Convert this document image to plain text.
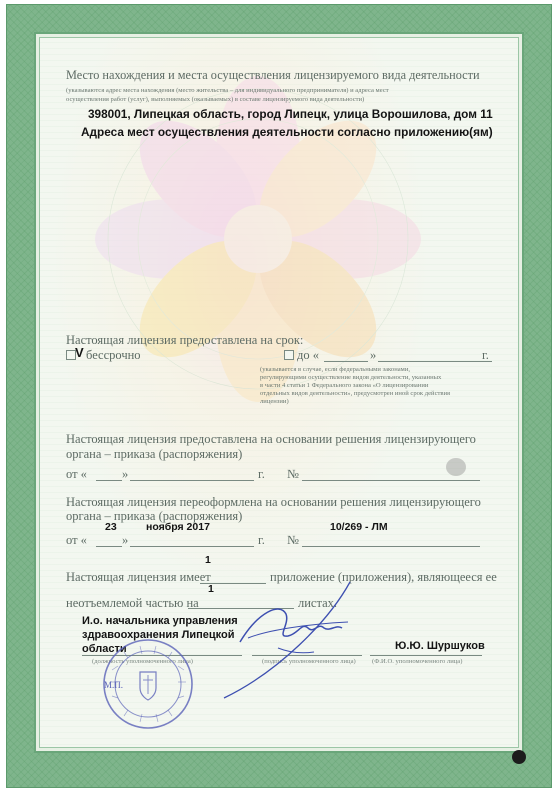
Место нахождения и места осуществления лицензируемого вида деятельности
(указываются адрес места нахождения (место жительства – для индивидуального предпринимателя) и адреса мест
осуществления работ (услуг), выполняемых (оказываемых) в составе лицензируемого вида деятельности)
398001, Липецкая область, город Липецк, улица Ворошилова, дом 11
Адреса мест осуществления деятельности согласно приложению(ям)
Настоящая лицензия предоставлена на срок:
V бессрочно	до «	»	г.
(указывается в случае, если федеральными законами,
регулирующими осуществление видов деятельности, указанных
в части 4 статьи 1 Федерального закона «О лицензировании
отдельных видов деятельности», предусмотрен иной срок действия
лицензии)
Настоящая лицензия предоставлена на основании решения лицензирующего
органа – приказа (распоряжения)
от «	»	г. №
Настоящая лицензия переоформлена на основании решения лицензирующего
органа – приказа (распоряжения)
23	ноября 2017	10/269 - ЛМ
от «	»	г. №
1
Настоящая лицензия имеет	приложение (приложения), являющееся ее
1
неотъемлемой частью на	листах.
И.о. начальника управления
здравоохранения Липецкой
области	Ю.Ю. Шуршуков
(должность уполномоченного лица)	(подпись уполномоченного лица) (Ф.И.О. уполномоченного лица)
М.П.
